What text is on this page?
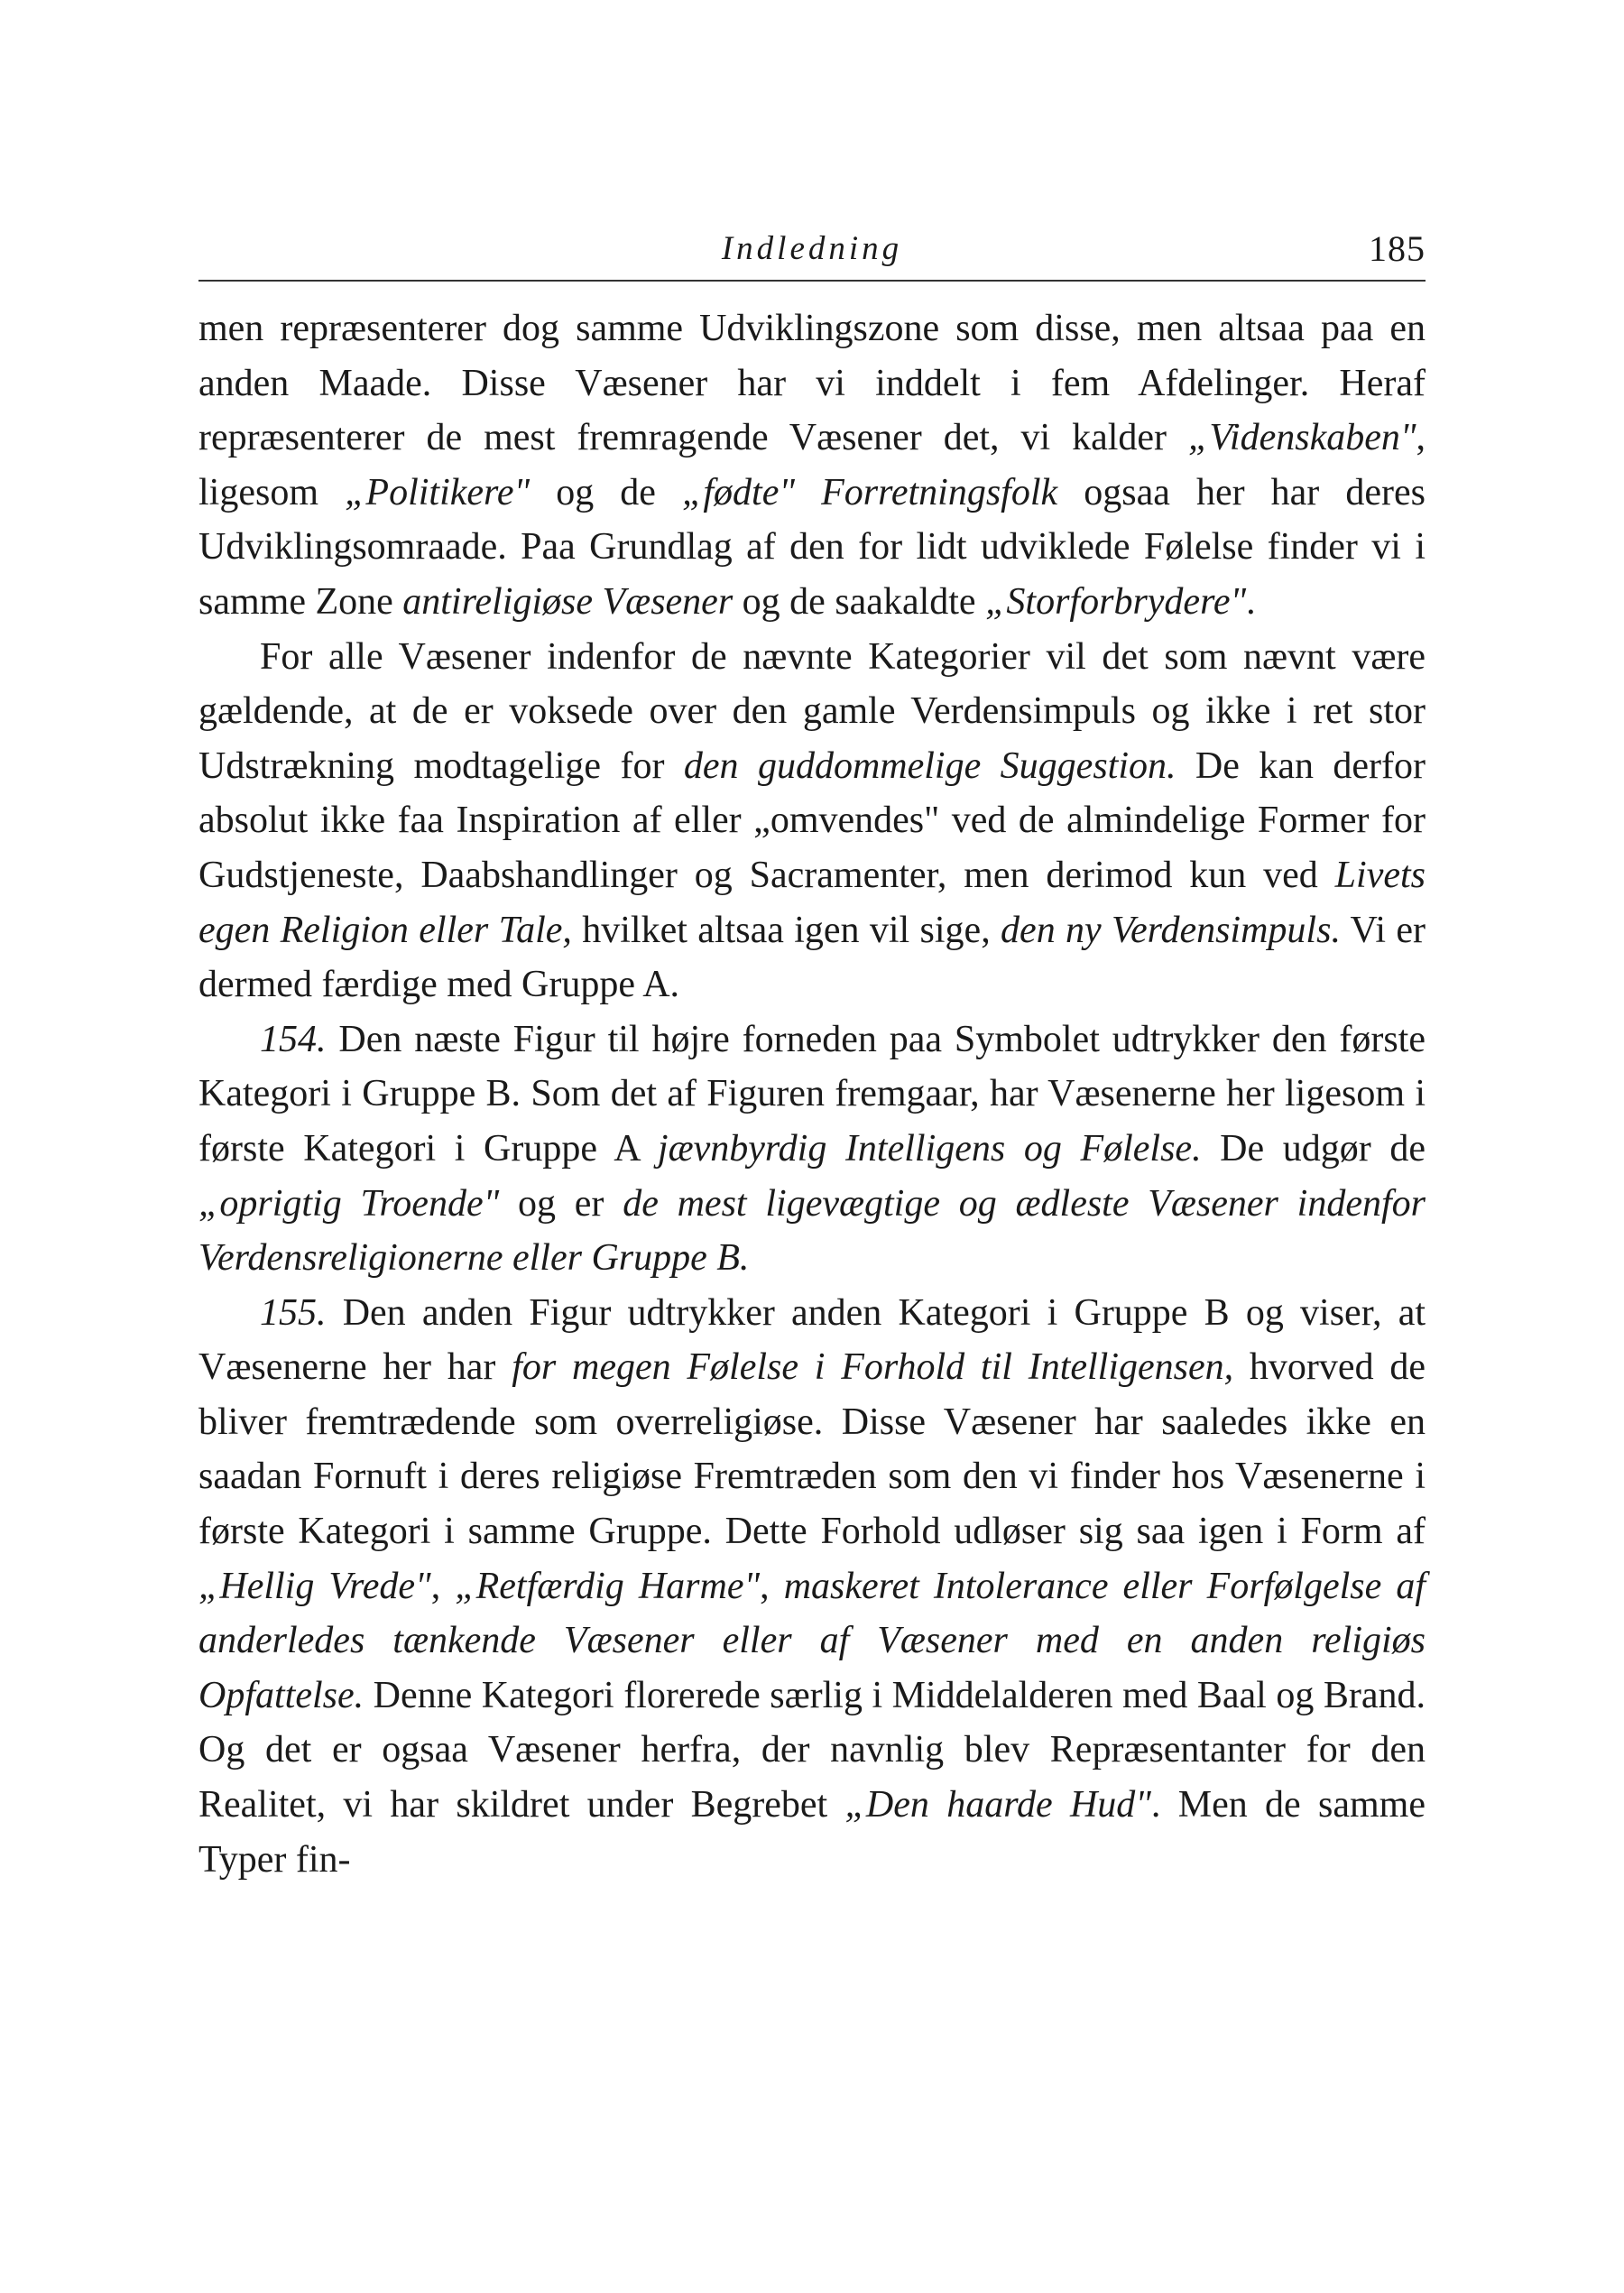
Indledning	185

men repræsenterer dog samme Udviklingszone som disse, men altsaa paa en anden Maade. Disse Væsener har vi inddelt i fem Afdelinger. Heraf repræsenterer de mest fremragende Væsener det, vi kalder „Videnskaben", ligesom „Politikere" og de „fødte" Forretningsfolk ogsaa her har deres Udviklingsomraade. Paa Grundlag af den for lidt udviklede Følelse finder vi i samme Zone antireligiøse Væsener og de saakaldte „Storforbrydere".

For alle Væsener indenfor de nævnte Kategorier vil det som nævnt være gældende, at de er voksede over den gamle Verdensimpuls og ikke i ret stor Udstrækning modtagelige for den guddommelige Suggestion. De kan derfor absolut ikke faa Inspiration af eller „omvendes" ved de almindelige Former for Gudstjeneste, Daabshandlinger og Sacramenter, men derimod kun ved Livets egen Religion eller Tale, hvilket altsaa igen vil sige, den ny Verdensimpuls. Vi er dermed færdige med Gruppe A.

154. Den næste Figur til højre forneden paa Symbolet udtrykker den første Kategori i Gruppe B. Som det af Figuren fremgaar, har Væsenerne her ligesom i første Kategori i Gruppe A jævnbyrdig Intelligens og Følelse. De udgør de „oprigtig Troende" og er de mest ligevægtige og ædleste Væsener indenfor Verdensreligionerne eller Gruppe B.

155. Den anden Figur udtrykker anden Kategori i Gruppe B og viser, at Væsenerne her har for megen Følelse i Forhold til Intelligensen, hvorved de bliver fremtrædende som overreligiøse. Disse Væsener har saaledes ikke en saadan Fornuft i deres religiøse Fremtræden som den vi finder hos Væsenerne i første Kategori i samme Gruppe. Dette Forhold udløser sig saa igen i Form af „Hellig Vrede", „Retfærdig Harme", maskeret Intolerance eller Forfølgelse af anderledes tænkende Væsener eller af Væsener med en anden religiøs Opfattelse. Denne Kategori florerede særlig i Middelalderen med Baal og Brand. Og det er ogsaa Væsener herfra, der navnlig blev Repræsentanter for den Realitet, vi har skildret under Begrebet „Den haarde Hud". Men de samme Typer fin-
